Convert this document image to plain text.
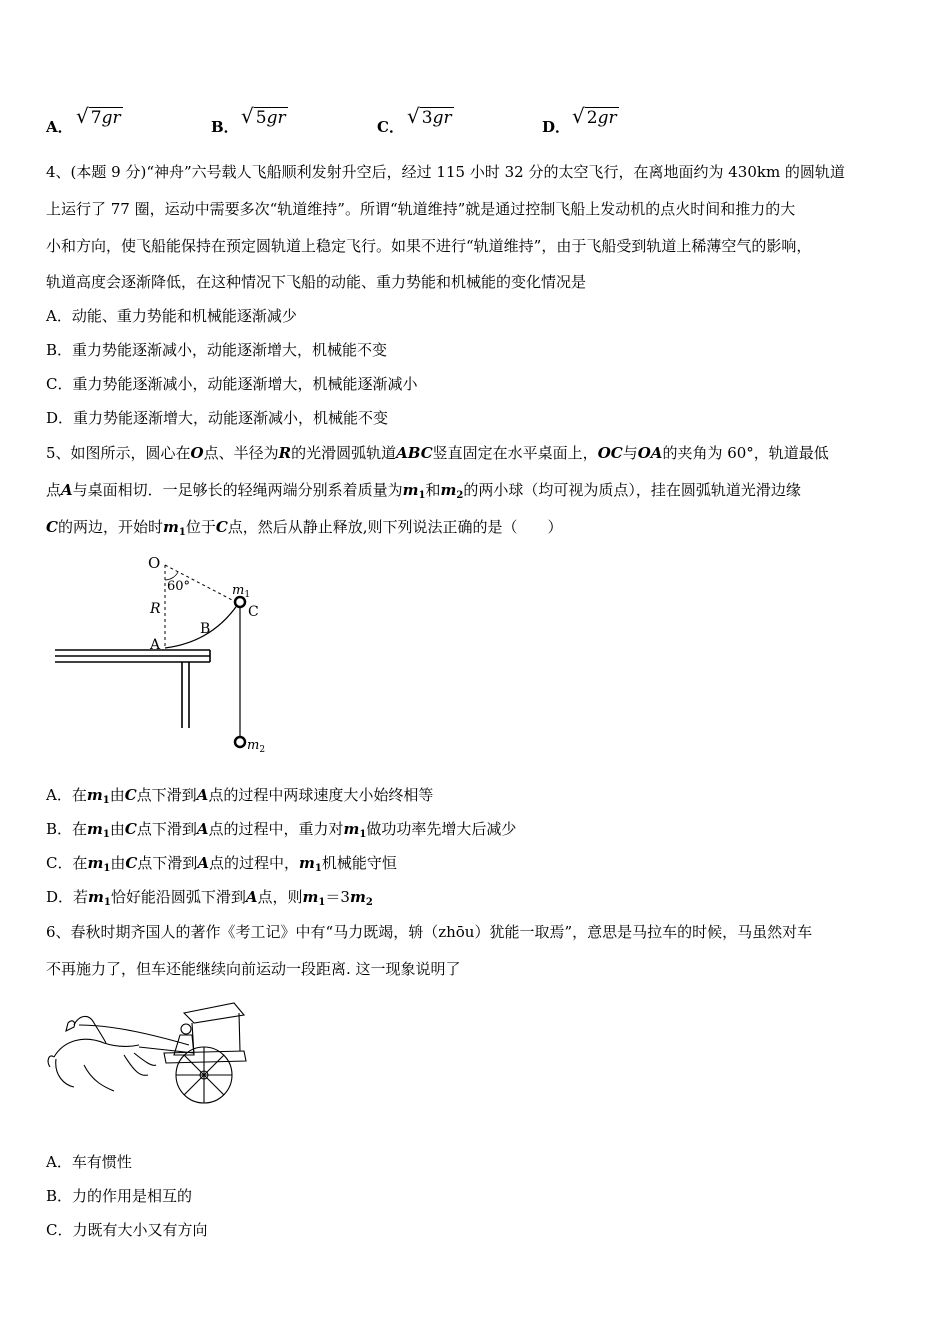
A． √ 7gr	B． √ 5gr	C． √ 3gr	D． √ 2gr
4、(本题 9 分)“神舟”六号载人飞船顺利发射升空后，经过 115 小时 32 分的太空飞行，在离地面约为 430km 的圆轨道
上运行了 77 圈，运动中需要多次“轨道维持”。所谓“轨道维持”就是通过控制飞船上发动机的点火时间和推力的大
小和方向，使飞船能保持在预定圆轨道上稳定飞行。如果不进行“轨道维持”，由于飞船受到轨道上稀薄空气的影响，
轨道高度会逐渐降低，在这种情况下飞船的动能、重力势能和机械能的变化情况是
A．动能、重力势能和机械能逐渐减少
B．重力势能逐渐减小，动能逐渐增大，机械能不变
C．重力势能逐渐减小，动能逐渐增大，机械能逐渐减小
D．重力势能逐渐增大，动能逐渐减小，机械能不变
5、如图所示，圆心在O点、半径为R的光滑圆弧轨道ABC竖直固定在水平桌面上，OC与OA的夹角为 60°，轨道最低
点A与桌面相切．一足够长的轻绳两端分别系着质量为$m_1$和$m_2$的两小球（均可视为质点），挂在圆弧轨道光滑边缘
C的两边，开始时$m_1$位于C点，然后从静止释放,则下列说法正确的是（　　）
O
60°
R
A
B
C
$m_1$
$m_2$
A．在$m_1$由C点下滑到A点的过程中两球速度大小始终相等
B．在$m_1$由C点下滑到A点的过程中，重力对$m_1$做功功率先增大后减少
C．在$m_1$由C点下滑到A点的过程中，$m_1$机械能守恒
D．若$m_1$恰好能沿圆弧下滑到A点，则$m_1=3m_2$
6、春秋时期齐国人的著作《考工记》中有“马力既竭，辀（zhōu）犹能一取焉”，意思是马拉车的时候，马虽然对车
不再施力了，但车还能继续向前运动一段距离. 这一现象说明了
A．车有惯性
B．力的作用是相互的
C．力既有大小又有方向
